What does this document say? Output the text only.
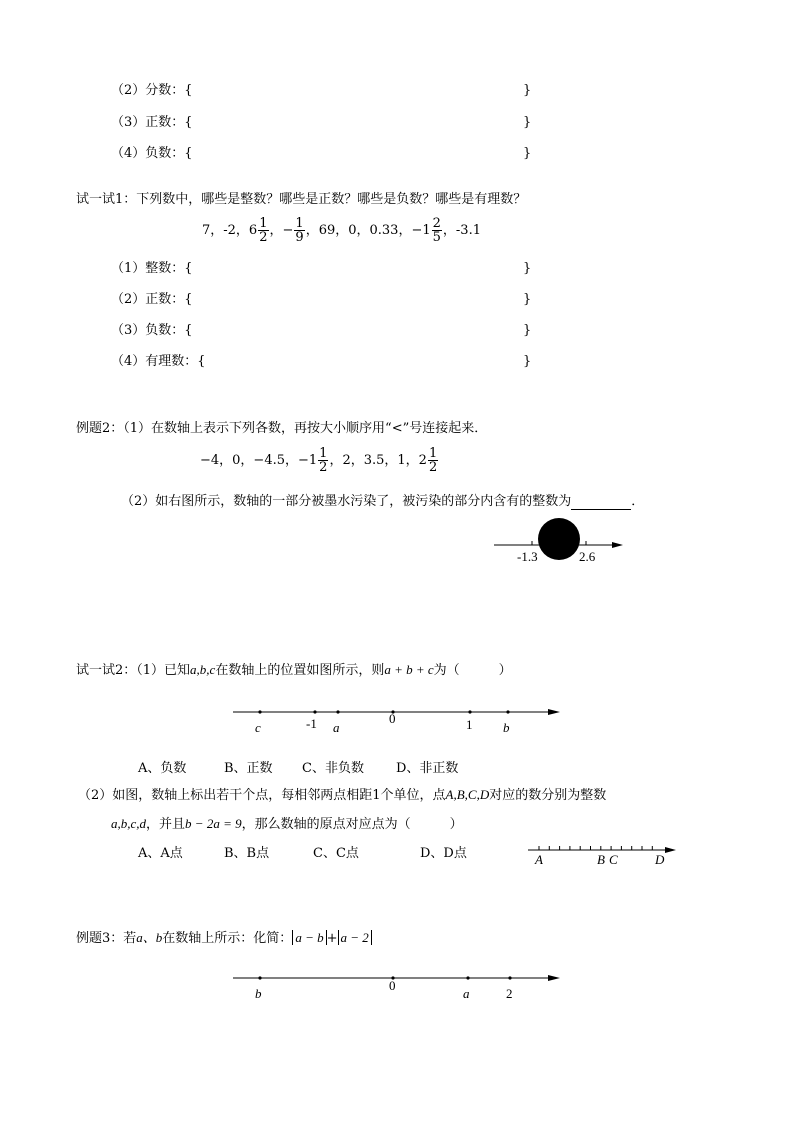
（2）分数：{	}
（3）正数：{	}
（4）负数：{	}
试一试1：下列数中，哪些是整数？哪些是正数？哪些是负数？哪些是有理数？
7，-2，$6 \frac{1}{2}$ ，− $\frac{1}{9}$ ，69，0，0.33，$-1 \frac{2}{5}$ ，-3.1
（1）整数：{	}
（2）正数：{	}
（3）负数：{	}
（4）有理数：{	}
例题2：（1）在数轴上表示下列各数，再按大小顺序用“<”号连接起来．
−4，0，−4.5，$-1 \frac{1}{2}$ ，2，3.5，1，$2 \frac{1}{2}$
（2）如右图所示，数轴的一部分被墨水污染了，被污染的部分内含有的整数为	．
-1.3	2.6
试一试2：（1）已知a,b,c在数轴上的位置如图所示，则a + b + c为（　　　）
c	-1 a
0	1 b
A、负数	B、正数 C、非负数 D、非正数
（2）如图，数轴上标出若干个点，每相邻两点相距1个单位，点A,B,C,D对应的数分别为整数
a,b,c,d，并且b − 2a = 9，那么数轴的原点对应点为（　　　）
A、A点	B、B点	C、C点	D、D点	A	B C	D
例题3：若a、b在数轴上所示：化简： a − b + a − 2
b
0
a	2
